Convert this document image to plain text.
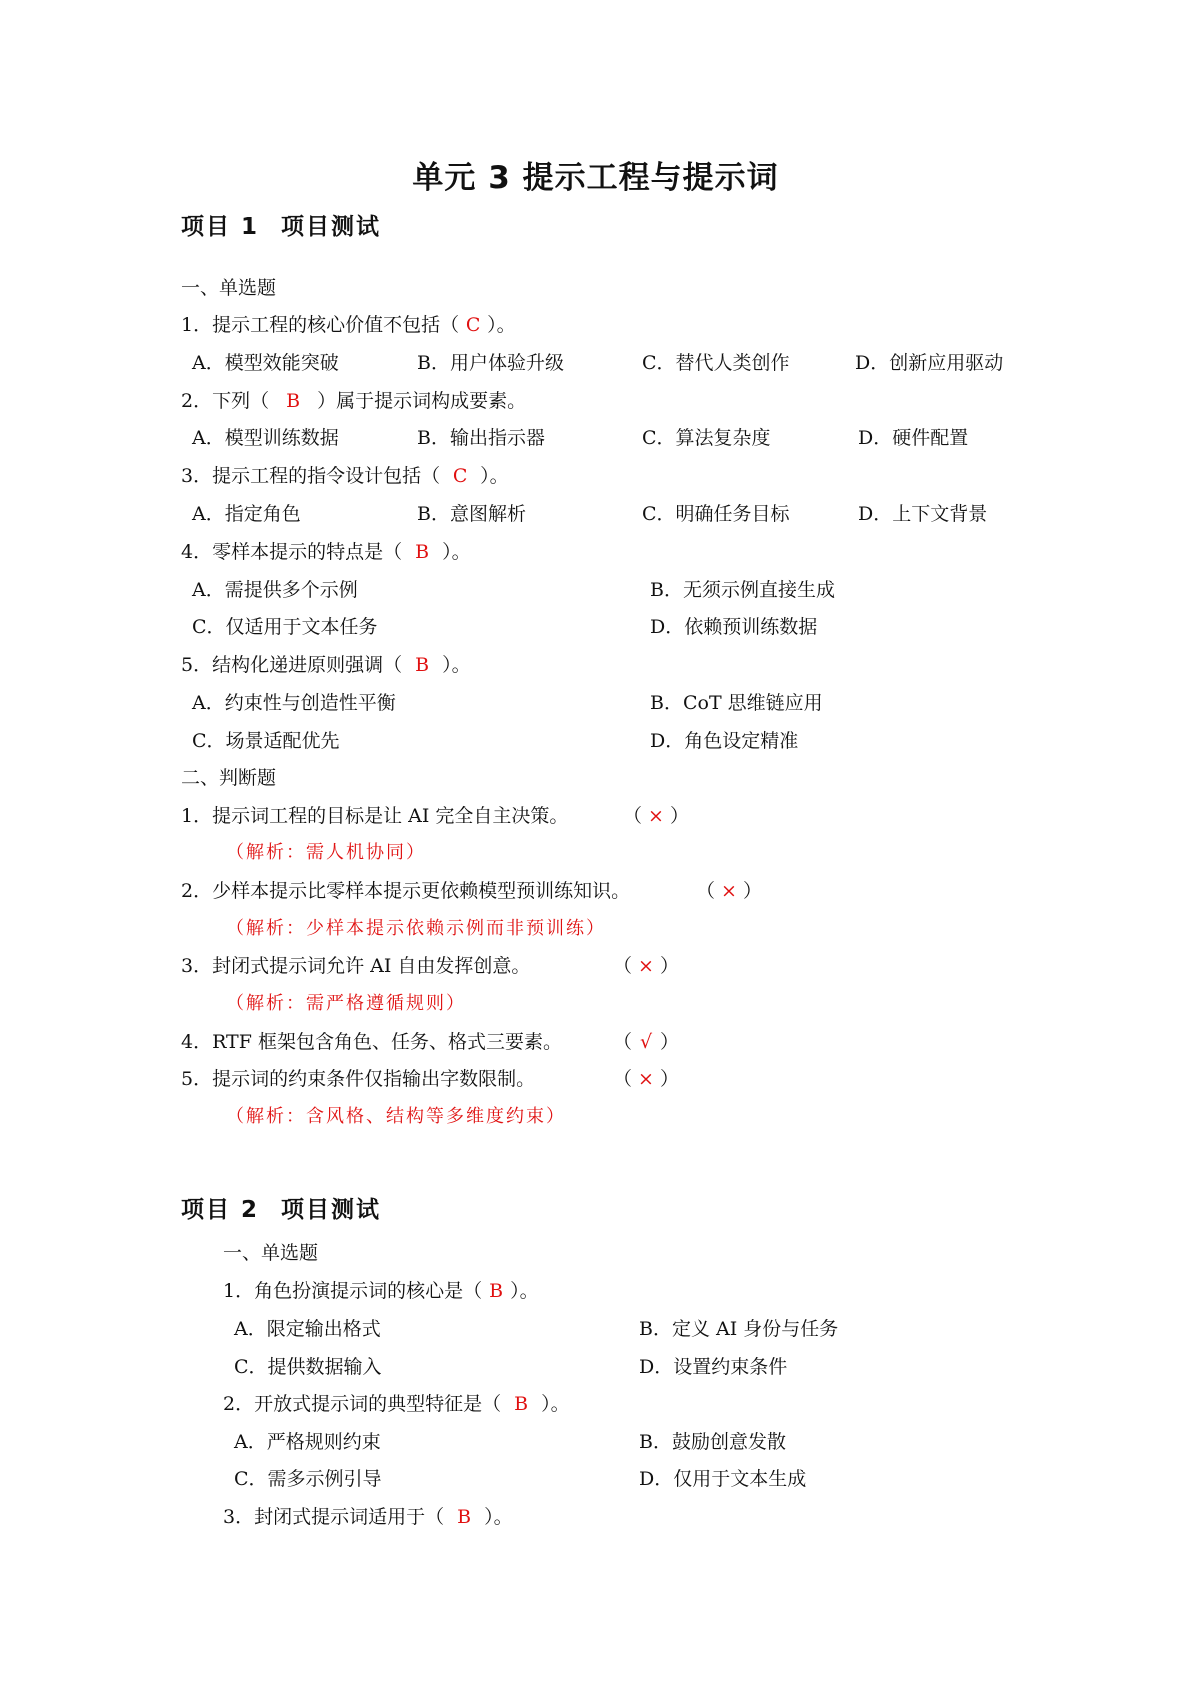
单元 3 提示工程与提示词
项目 1 项目测试
一、单选题
1．提示工程的核心价值不包括（ C ）。
A．模型效能突破	B．用户体验升级	C．替代人类创作	D．创新应用驱动
2．下列（ B ）属于提示词构成要素。
A．模型训练数据	B．输出指示器	C．算法复杂度	D．硬件配置
3．提示工程的指令设计包括（ C ）。
A．指定角色	B．意图解析	C．明确任务目标	D．上下文背景
4．零样本提示的特点是（ B ）。
A．需提供多个示例	B．无须示例直接生成
C．仅适用于文本任务	D．依赖预训练数据
5．结构化递进原则强调（ B ）。
A．约束性与创造性平衡	B．CoT 思维链应用
C．场景适配优先	D．角色设定精准
二、判断题
1．提示词工程的目标是让 AI 完全自主决策。	（ × ）
（解析：需人机协同）
2．少样本提示比零样本提示更依赖模型预训练知识。	（ × ）
（解析：少样本提示依赖示例而非预训练）
3．封闭式提示词允许 AI 自由发挥创意。	（ × ）
（解析：需严格遵循规则）
4．RTF 框架包含角色、任务、格式三要素。	（ √ ）
5．提示词的约束条件仅指输出字数限制。	（ × ）
（解析：含风格、结构等多维度约束）
项目 2 项目测试
一、单选题
1．角色扮演提示词的核心是（ B ）。
A．限定输出格式	B．定义 AI 身份与任务
C．提供数据输入	D．设置约束条件
2．开放式提示词的典型特征是（ B ）。
A．严格规则约束	B．鼓励创意发散
C．需多示例引导	D．仅用于文本生成
3．封闭式提示词适用于（ B ）。
